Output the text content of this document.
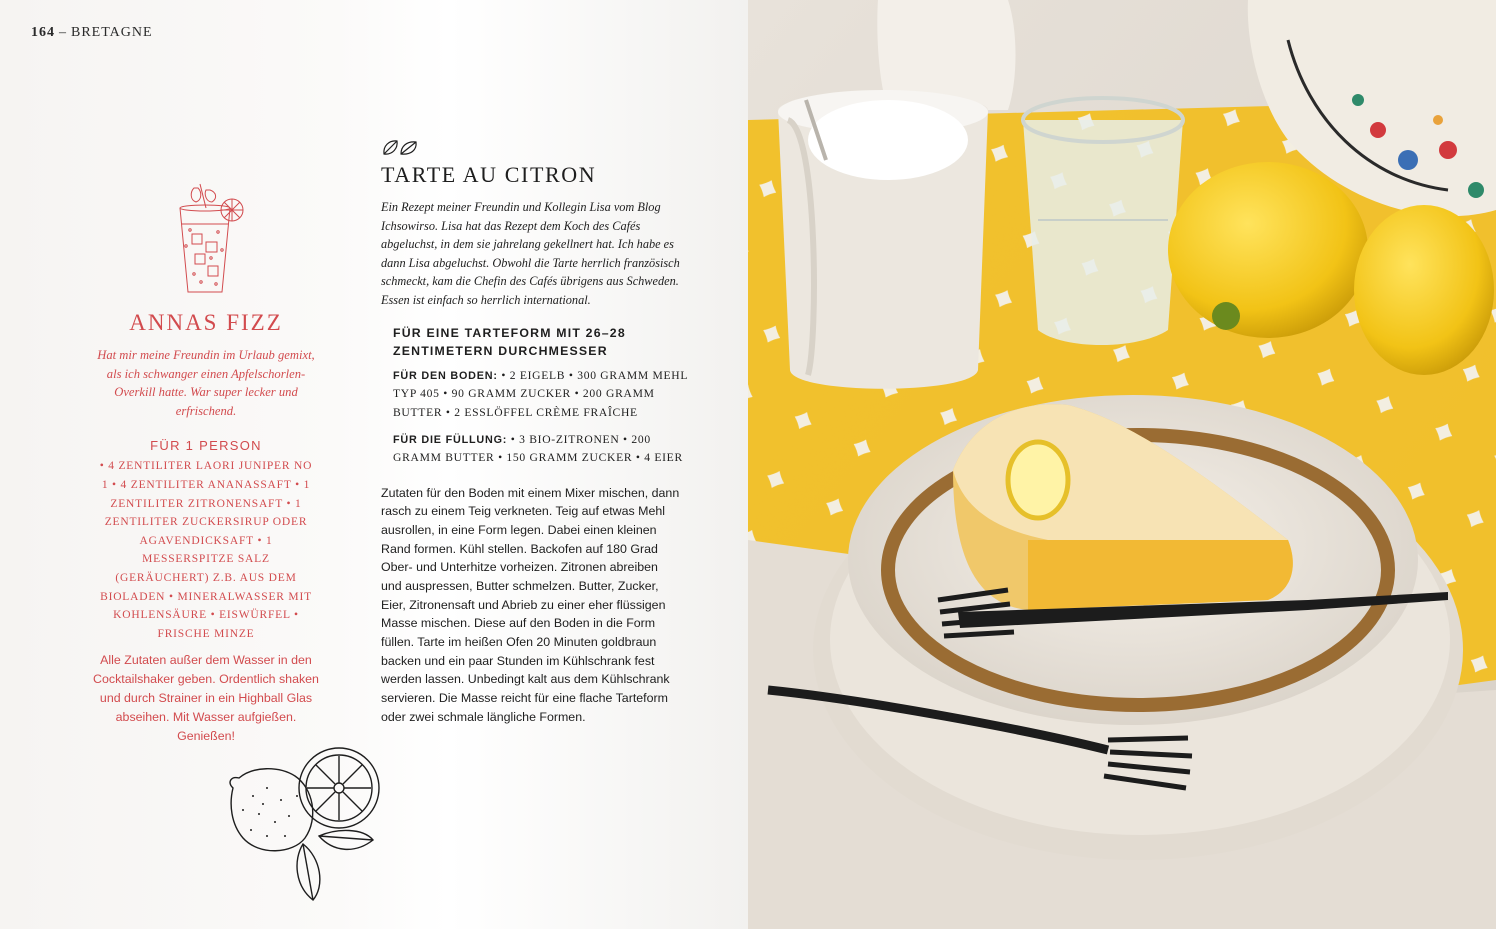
164 – BRETAGNE
ANNAS FIZZ

Hat mir meine Freundin im Urlaub gemixt, als ich schwanger einen Apfelschorlen-Overkill hatte. War super lecker und erfrischend.

FÜR 1 PERSON

• 4 ZENTILITER LAORI JUNIPER NO 1 • 4 ZENTILITER ANANASSAFT • 1 ZENTILITER ZITRONENSAFT • 1 ZENTILITER ZUCKERSIRUP ODER AGAVENDICKSAFT • 1 MESSERSPITZE SALZ (GERÄUCHERT) Z.B. AUS DEM BIOLADEN • MINERALWASSER MIT KOHLENSÄURE • EISWÜRFEL • FRISCHE MINZE

Alle Zutaten außer dem Wasser in den Cocktailshaker geben. Ordentlich shaken und durch Strainer in ein Highball Glas abseihen. Mit Wasser aufgießen. Genießen!

TARTE AU CITRON

Ein Rezept meiner Freundin und Kollegin Lisa vom Blog Ichsowirso. Lisa hat das Rezept dem Koch des Cafés abgeluchst, in dem sie jahrelang gekellnert hat. Ich habe es dann Lisa abgeluchst. Obwohl die Tarte herrlich französisch schmeckt, kam die Chefin des Cafés übrigens aus Schweden. Essen ist einfach so herrlich international.

FÜR EINE TARTEFORM MIT 26–28 ZENTIMETERN DURCHMESSER

FÜR DEN BODEN: • 2 EIGELB • 300 GRAMM MEHL TYP 405 • 90 GRAMM ZUCKER • 200 GRAMM BUTTER • 2 ESSLÖFFEL CRÈME FRAÎCHE

FÜR DIE FÜLLUNG: • 3 BIO-ZITRONEN • 200 GRAMM BUTTER • 150 GRAMM ZUCKER • 4 EIER

Zutaten für den Boden mit einem Mixer mischen, dann rasch zu einem Teig verkneten. Teig auf etwas Mehl ausrollen, in eine Form legen. Dabei einen kleinen Rand formen. Kühl stellen. Backofen auf 180 Grad Ober- und Unterhitze vorheizen. Zitronen abreiben und auspressen, Butter schmelzen. Butter, Zucker, Eier, Zitronensaft und Abrieb zu einer eher flüssigen Masse mischen. Diese auf den Boden in die Form füllen. Tarte im heißen Ofen 20 Minuten goldbraun backen und ein paar Stunden im Kühlschrank fest werden lassen. Unbedingt kalt aus dem Kühlschrank servieren. Die Masse reicht für eine flache Tarteform oder zwei schmale längliche Formen.
